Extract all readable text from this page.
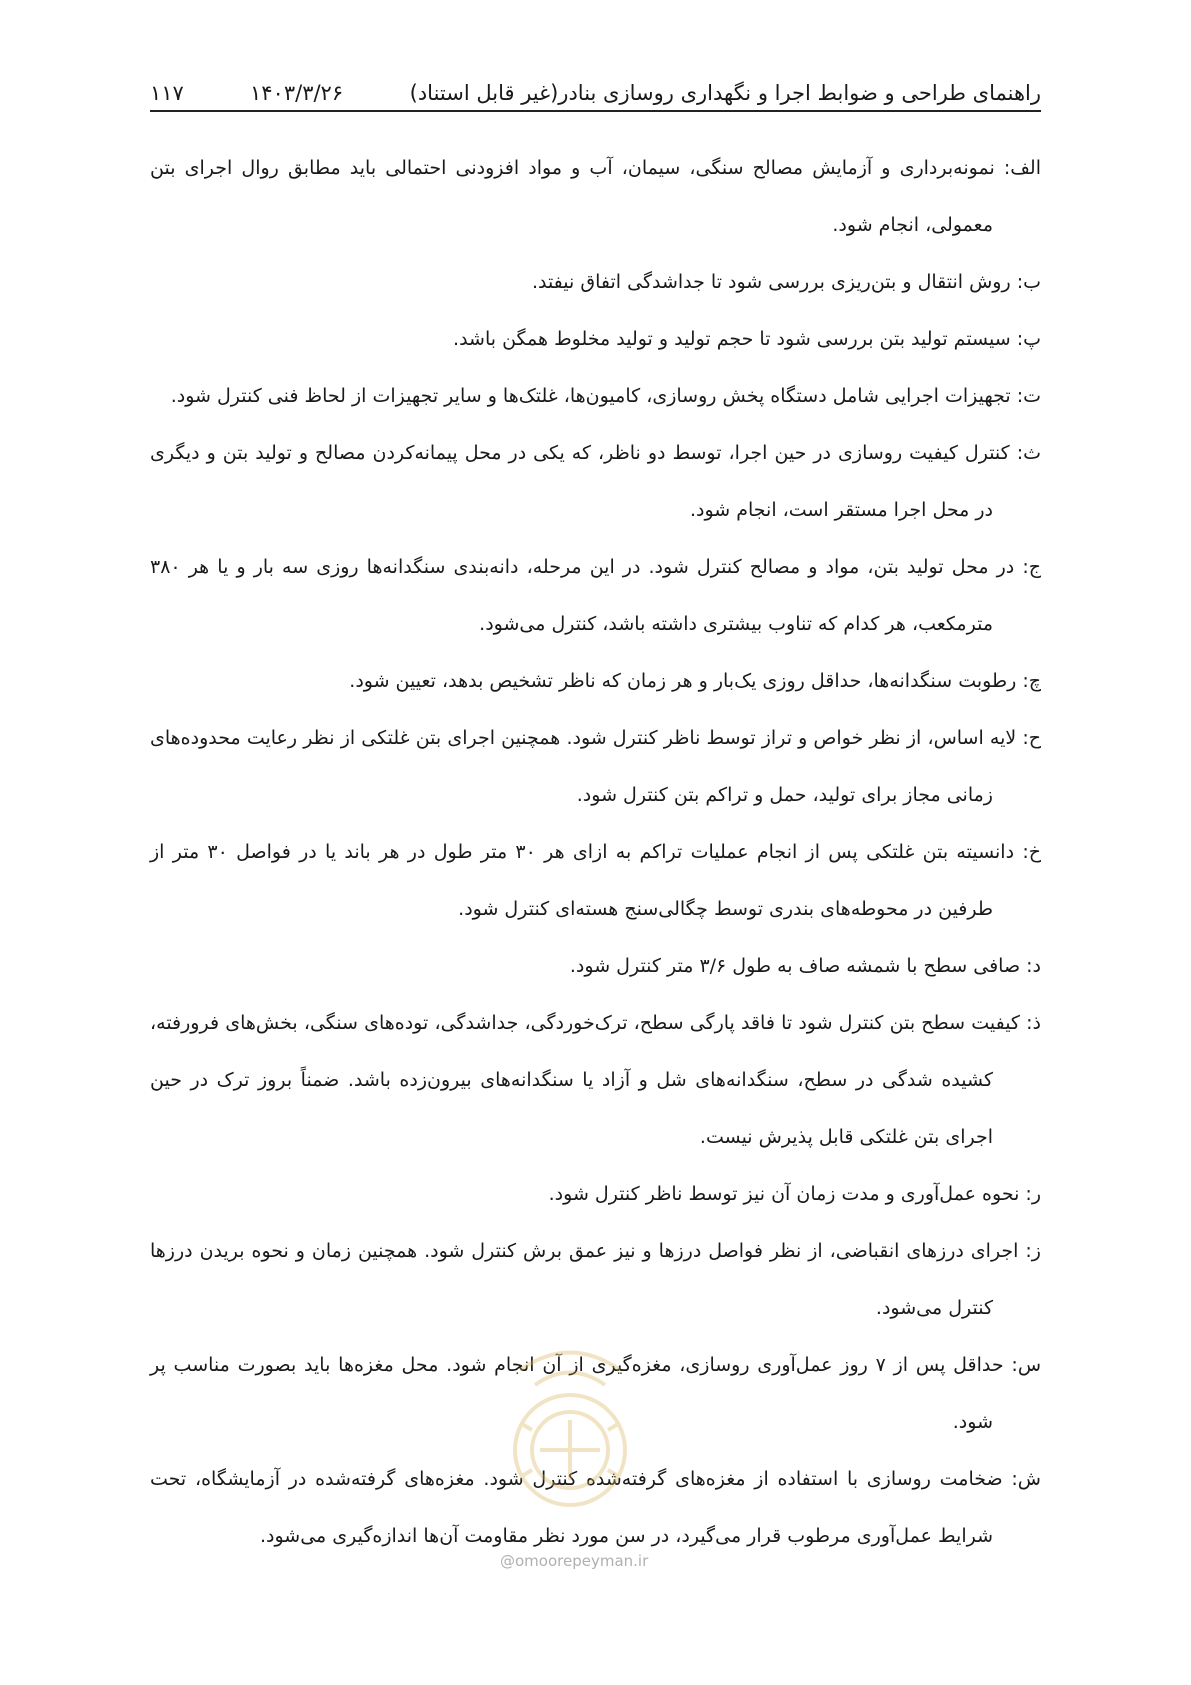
راهنمای طراحی و ضوابط اجرا و نگهداری روسازی بنادر(غیر قابل استناد)
۱۴۰۳/۳/۲۶
۱۱۷

الف: نمونه‌برداری و آزمایش مصالح سنگی، سیمان، آب و مواد افزودنی احتمالی باید مطابق روال اجرای بتن معمولی، انجام شود.

ب: روش انتقال و بتن‌ریزی بررسی شود تا جداشدگی اتفاق نیفتد.

پ: سیستم تولید بتن بررسی شود تا حجم تولید و تولید مخلوط همگن باشد.

ت: تجهیزات اجرایی شامل دستگاه پخش روسازی، کامیون‌ها، غلتک‌ها و سایر تجهیزات از لحاظ فنی کنترل شود.

ث: کنترل کیفیت روسازی در حین اجرا، توسط دو ناظر، که یکی در محل پیمانه‌کردن مصالح و تولید بتن و دیگری در محل اجرا مستقر است، انجام شود.

ج: در محل تولید بتن، مواد و مصالح کنترل شود. در این مرحله، دانه‌بندی سنگدانه‌ها روزی سه بار و یا هر ۳۸۰ مترمکعب، هر کدام که تناوب بیشتری داشته باشد، کنترل می‌شود.

چ: رطوبت سنگدانه‌ها، حداقل روزی یک‌بار و هر زمان که ناظر تشخیص بدهد، تعیین شود.

ح: لایه اساس، از نظر خواص و تراز توسط ناظر کنترل شود. همچنین اجرای بتن غلتکی از نظر رعایت محدوده‌های زمانی مجاز برای تولید، حمل و تراکم بتن کنترل شود.

خ: دانسیته بتن غلتکی پس از انجام عملیات تراکم به ازای هر ۳۰ متر طول در هر باند یا در فواصل ۳۰ متر از طرفین در محوطه‌های بندری توسط چگالی‌سنج هسته‌ای کنترل شود.

د: صافی سطح با شمشه صاف به طول ۳/۶ متر کنترل شود.

ذ: کیفیت سطح بتن کنترل شود تا فاقد پارگی سطح، ترک‌خوردگی، جداشدگی، توده‌های سنگی، بخش‌های فرورفته، کشیده شدگی در سطح، سنگدانه‌های شل و آزاد یا سنگدانه‌های بیرون‌زده باشد. ضمناً بروز ترک در حین اجرای بتن غلتکی قابل پذیرش نیست.

ر: نحوه عمل‌آوری و مدت زمان آن نیز توسط ناظر کنترل شود.

ز: اجرای درزهای انقباضی، از نظر فواصل درزها و نیز عمق برش کنترل شود. همچنین زمان و نحوه بریدن درزها کنترل می‌شود.

س: حداقل پس از ۷ روز عمل‌آوری روسازی، مغزه‌گیری از آن انجام شود. محل مغزه‌ها باید بصورت مناسب پر شود.

ش: ضخامت روسازی با استفاده از مغزه‌های گرفته‌شده کنترل شود. مغزه‌های گرفته‌شده در آزمایشگاه، تحت شرایط عمل‌آوری مرطوب قرار می‌گیرد، در سن مورد نظر مقاومت آن‌ها اندازه‌گیری می‌شود.

@omoorepeyman.ir
